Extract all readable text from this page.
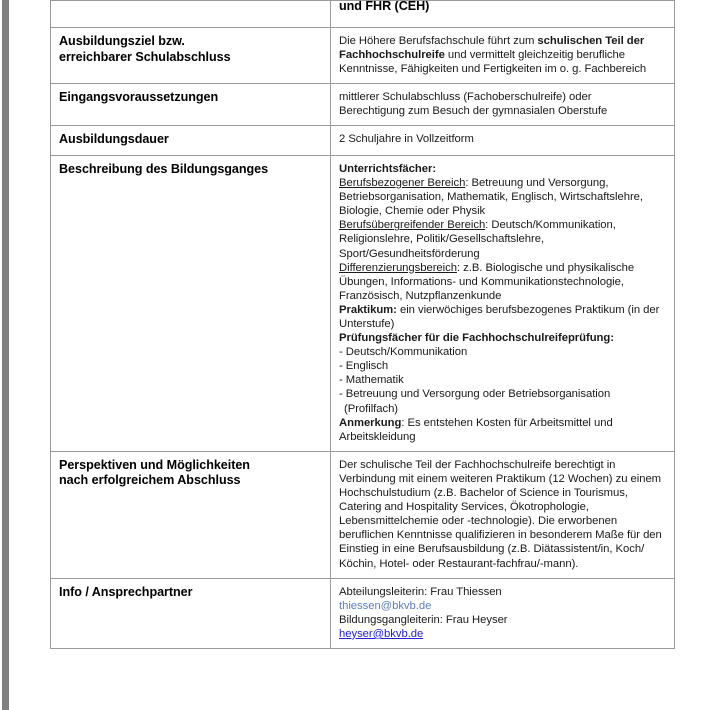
	und FHR (CEH)

Ausbildungsziel bzw.

erreichbarer Schulabschluss	Die Höhere Berufsfachschule führt zum schulischen Teil der Fachhochschulreife und vermittelt gleichzeitig berufliche Kenntnisse, Fähigkeiten und Fertigkeiten im o. g. Fachbereich

Eingangsvoraussetzungen	mittlerer Schulabschluss (Fachoberschulreife) oder

Berechtigung zum Besuch der gymnasialen Oberstufe

Ausbildungsdauer	2 Schuljahre in Vollzeitform

Beschreibung des Bildungsganges	Unterrichtsfächer:

Berufsbezogener Bereich: Betreuung und Versorgung, Betriebsorganisation, Mathematik, Englisch, Wirtschaftslehre, Biologie, Chemie oder Physik

Berufsübergreifender Bereich: Deutsch/Kommunikation, Religionslehre, Politik/Gesellschaftslehre, Sport/Gesundheitsförderung

Differenzierungsbereich: z.B. Biologische und physikalische Übungen, Informations- und Kommunikationstechnologie, Französisch, Nutzpflanzenkunde

Praktikum: ein vierwöchiges berufsbezogenes Praktikum (in der Unterstufe)

Prüfungsfächer für die Fachhochschulreifeprüfung:

- Deutsch/Kommunikation

- Englisch

- Mathematik

- Betreuung und Versorgung oder Betriebsorganisation

(Profilfach)

Anmerkung: Es entstehen Kosten für Arbeitsmittel und Arbeitskleidung

Perspektiven und Möglichkeiten

nach erfolgreichem Abschluss	Der schulische Teil der Fachhochschulreife berechtigt in Verbindung mit einem weiteren Praktikum (12 Wochen) zu einem Hochschulstudium (z.B. Bachelor of Science in Tourismus, Catering and Hospitality Services, Ökotrophologie, Lebensmittelchemie oder -technologie). Die erworbenen beruflichen Kenntnisse qualifizieren in besonderem Maße für den Einstieg in eine Berufsausbildung (z.B. Diätassistent/in, Koch/ Köchin, Hotel- oder Restaurant-fachfrau/-mann).

Info / Ansprechpartner	Abteilungsleiterin: Frau Thiessen

thiessen@bkvb.de

Bildungsgangleiterin: Frau Heyser

heyser@bkvb.de
